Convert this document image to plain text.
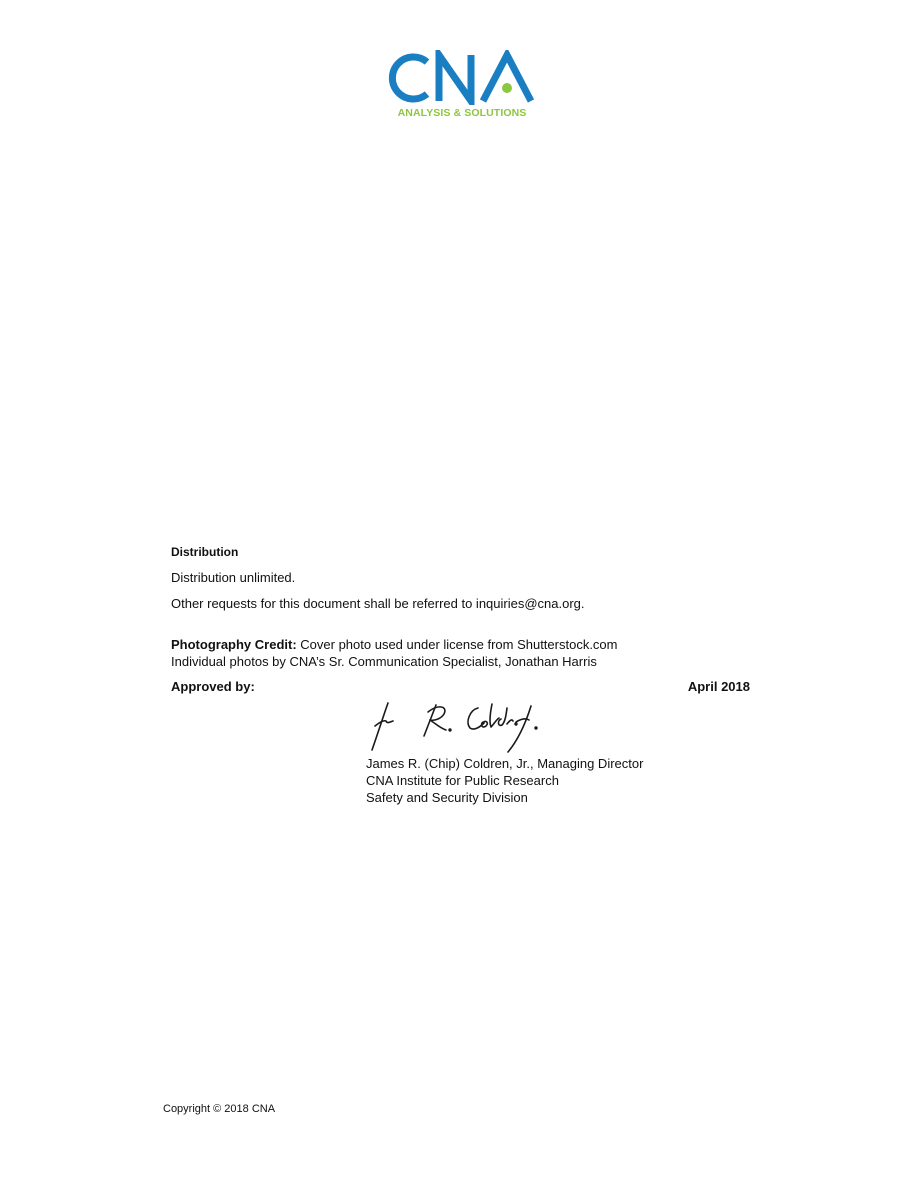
ANALYSIS & SOLUTIONS
Distribution
Distribution unlimited.
Other requests for this document shall be referred to inquiries@cna.org.
Photography Credit: Cover photo used under license from Shutterstock.com
Individual photos by CNA’s Sr. Communication Specialist, Jonathan Harris
Approved by:	April 2018
James R. (Chip) Coldren, Jr., Managing Director
CNA Institute for Public Research
Safety and Security Division
Copyright © 2018 CNA
